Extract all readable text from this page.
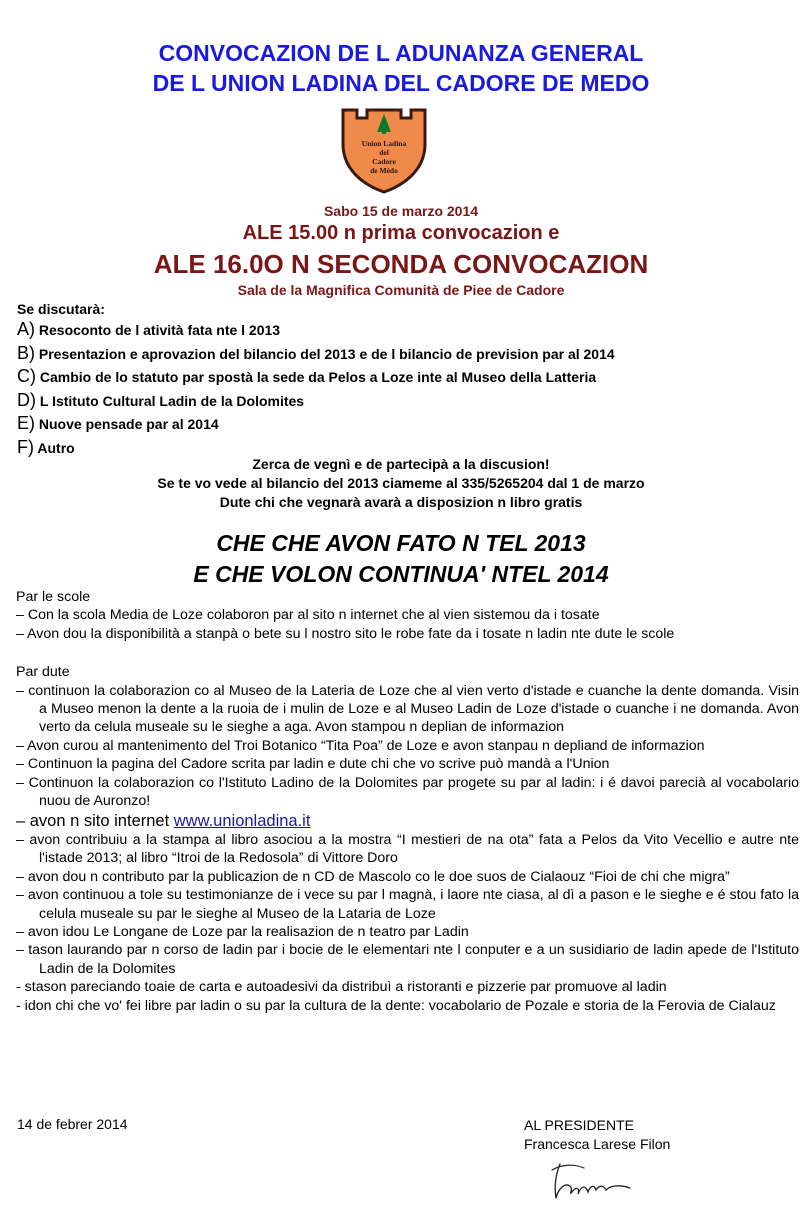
CONVOCAZION DE L ADUNANZA GENERAL
DE L UNION LADINA DEL CADORE DE MEDO
Union Ladina
del
Cadore
de Mèdo
Sabo 15 de marzo 2014
ALE 15.00 n prima convocazion e
ALE 16.0O N SECONDA CONVOCAZION
Sala de la Magnifica Comunità de Piee de Cadore
Se discutarà:
A) Resoconto de l atività fata nte l 2013
B) Presentazion e aprovazion del bilancio del 2013 e de l bilancio de prevision par al 2014
C) Cambio de lo statuto par spostà la sede da Pelos a Loze inte al Museo della Latteria
D) L Istituto Cultural Ladin de la Dolomites
E) Nuove pensade par al 2014
F) Autro
Zerca de vegnì e de partecipà a la discusion!
Se te vo vede al bilancio del 2013 ciameme al 335/5265204 dal 1 de marzo
Dute chi che vegnarà avarà a disposizion n libro gratis
CHE CHE AVON FATO N TEL 2013
E CHE VOLON CONTINUA' NTEL 2014
Par le scole
– Con la scola Media de Loze colaboron par al sito n internet che al vien sistemou da i tosate
– Avon dou la disponibilità a stanpà o bete su l nostro sito le robe fate da i tosate n ladin nte dute le scole
Par dute
– continuon la colaborazion co al Museo de la Lateria de Loze che al vien verto d'istade e cuanche la dente domanda. Visin a Museo menon la dente a la ruoia de i mulin de Loze e al Museo Ladin de Loze d'istade o cuanche i ne domanda. Avon verto da celula museale su le sieghe a aga. Avon stampou n deplian de informazion
– Avon curou al mantenimento del Troi Botanico “Tita Poa” de Loze e avon stanpau n depliand de informazion
– Continuon la pagina del Cadore scrita par ladin e dute chi che vo scrive può mandà a l'Union
– Continuon la colaborazion co l'Istituto Ladino de la Dolomites par progete su par al ladin: i é davoi parecià al vocabolario nuou de Auronzo!
– avon n sito internet www.unionladina.it
– avon contribuiu a la stampa al libro asociou a la mostra “I mestieri de na ota” fata a Pelos da Vito Vecellio e autre nte l'istade 2013; al libro “Itroi de la Redosola” di Vittore Doro
– avon dou n contributo par la publicazion de n CD de Mascolo co le doe suos de Cialaouz “Fioi de chi che migra”
– avon continuou a tole su testimonianze de i vece su par l magnà, i laore nte ciasa, al dì a pason e le sieghe e é stou fato la celula museale su par le sieghe al Museo de la Lataria de Loze
– avon idou Le Longane de Loze par la realisazion de n teatro par Ladin
– tason laurando par n corso de ladin par i bocie de le elementari nte l conputer e a un susidiario de ladin apede de l'Istituto Ladin de la Dolomites
- stason pareciando toaie de carta e autoadesivi da distribuì a ristoranti e pizzerie par promuove al ladin
- idon chi che vo' fei libre par ladin o su par la cultura de la dente: vocabolario de Pozale e storia de la Ferovia de Cialauz
14 de febrer 2014	AL PRESIDENTE
Francesca Larese Filon
